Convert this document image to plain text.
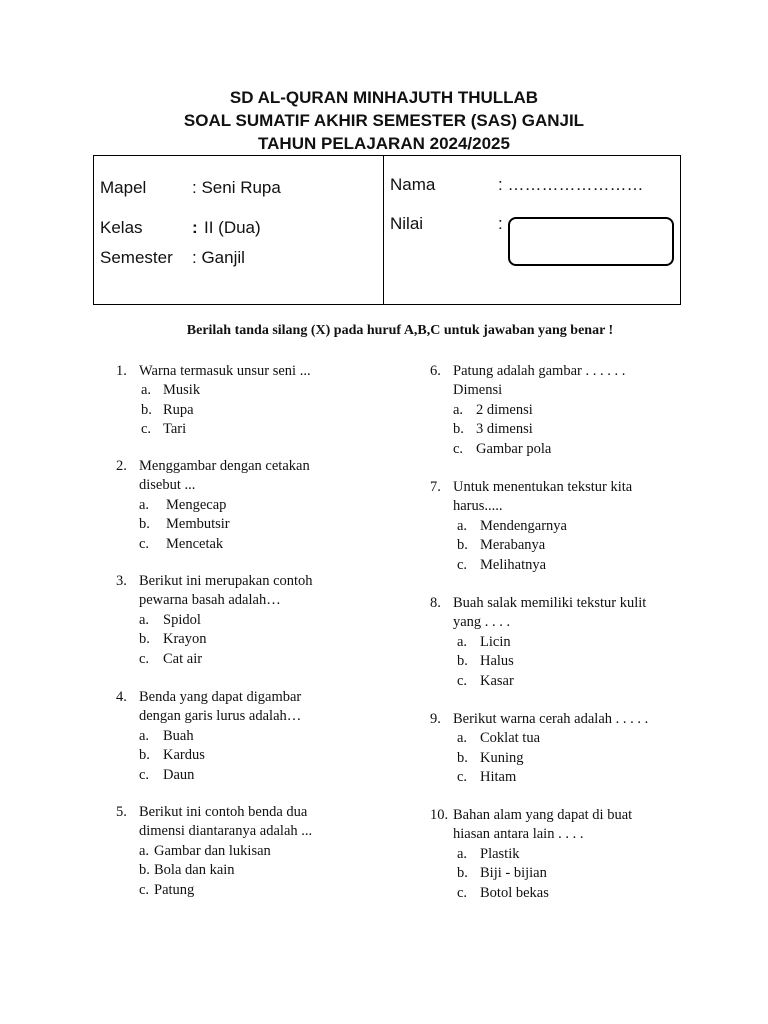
SD AL-QURAN MINHAJUTH THULLAB
SOAL SUMATIF AKHIR SEMESTER (SAS) GANJIL
TAHUN PELAJARAN 2024/2025
Mapel	: Seni Rupa
Kelas	: II (Dua)
Semester : Ganjil
Nama	: ……………………
Nilai	:
Berilah tanda silang (X) pada huruf A,B,C untuk jawaban yang benar !
1. Warna termasuk unsur seni ...
a. Musik
b. Rupa
c. Tari
2. Menggambar dengan cetakan
disebut ...
a. Mengecap
b. Membutsir
c. Mencetak
3. Berikut ini merupakan contoh
pewarna basah adalah…
a. Spidol
b. Krayon
c. Cat air
4. Benda yang dapat digambar
dengan garis lurus adalah…
a. Buah
b. Kardus
c. Daun
5. Berikut ini contoh benda dua
dimensi diantaranya adalah ...
a. Gambar dan lukisan
b. Bola dan kain
c. Patung
6. Patung adalah gambar . . . . . .
Dimensi
a. 2 dimensi
b. 3 dimensi
c. Gambar pola
7. Untuk menentukan tekstur kita
harus.....
a. Mendengarnya
b. Merabanya
c. Melihatnya
8. Buah salak memiliki tekstur kulit
yang . . . .
a. Licin
b. Halus
c. Kasar
9. Berikut warna cerah adalah . . . . .
a. Coklat tua
b. Kuning
c. Hitam
10. Bahan alam yang dapat di buat
hiasan antara lain . . . .
a. Plastik
b. Biji - bijian
c. Botol bekas
